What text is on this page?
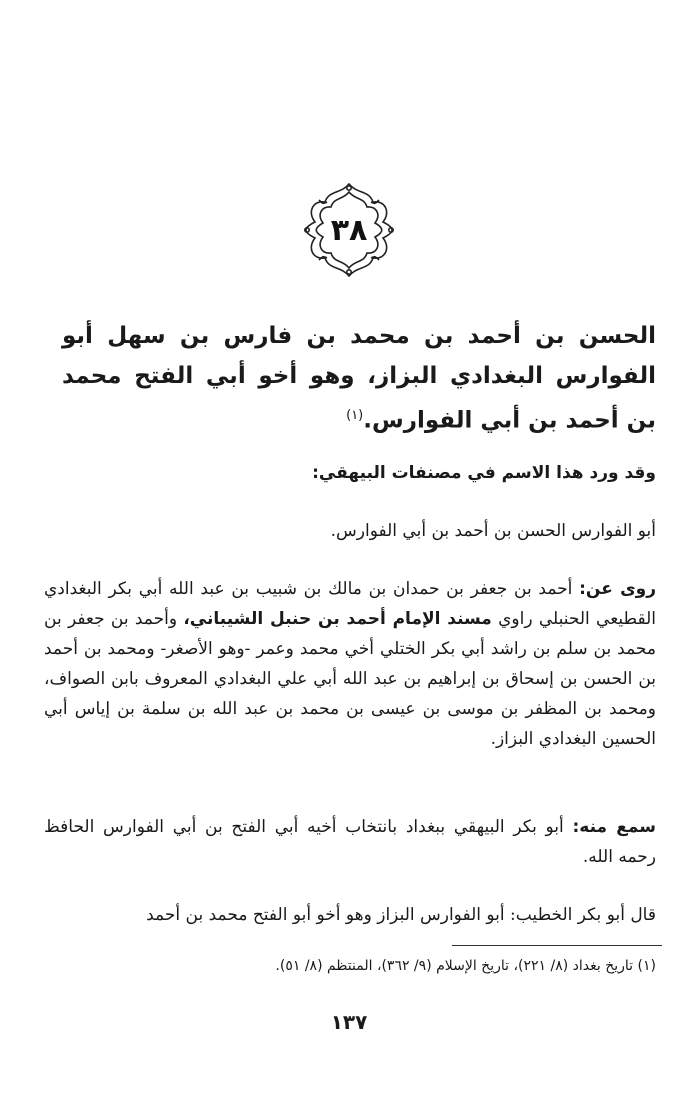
٣٨
الحسن بن أحمد بن محمد بن فارس بن سهل أبو الفوارس البغدادي البزاز، وهو أخو أبي الفتح محمد بن أحمد بن أبي الفوارس.$^{(١)}$
وقد ورد هذا الاسم في مصنفات البيهقي:
أبو الفوارس الحسن بن أحمد بن أبي الفوارس.
روى عن: أحمد بن جعفر بن حمدان بن مالك بن شبيب بن عبد الله أبي بكر البغدادي القطيعي الحنبلي راوي مسند الإمام أحمد بن حنبل الشيباني، وأحمد بن جعفر بن محمد بن سلم بن راشد أبي بكر الختلي أخي محمد وعمر -وهو الأصغر- ومحمد بن أحمد بن الحسن بن إسحاق بن إبراهيم بن عبد الله أبي علي البغدادي المعروف بابن الصواف، ومحمد بن المظفر بن موسى بن عيسى بن محمد بن عبد الله بن سلمة بن إياس أبي الحسين البغدادي البزاز.
سمع منه: أبو بكر البيهقي ببغداد بانتخاب أخيه أبي الفتح بن أبي الفوارس الحافظ رحمه الله.
قال أبو بكر الخطيب: أبو الفوارس البزاز وهو أخو أبو الفتح محمد بن أحمد
(١) تاريخ بغداد (٨/ ٢٢١)، تاريخ الإسلام (٩/ ٣٦٢)، المنتظم (٨/ ٥١).
١٣٧
